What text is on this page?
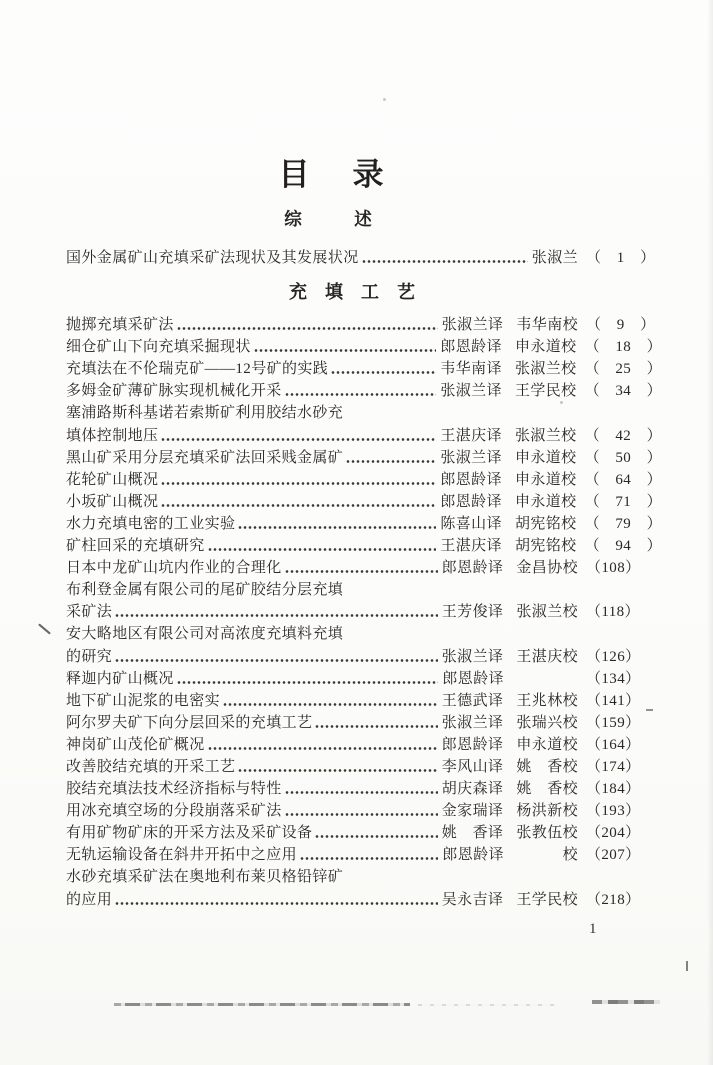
目　录
综　　　述
国外金属矿山充填采矿法现状及其发展状况	张淑兰 （　1　）
充　填　工　艺
抛掷充填采矿法	张淑兰译 韦华南校 （　9　）
细仓矿山下向充填采掘现状	郎恩龄译 申永道校 （　18　）
充填法在不伦瑞克矿——12号矿的实践	韦华南译 张淑兰校 （　25　）
多姆金矿薄矿脉实现机械化开采	张淑兰译 王学民校 （　34　）
塞浦路斯科基诺若索斯矿利用胶结水砂充
填体控制地压	王湛庆译 张淑兰校 （　42　）
黑山矿采用分层充填采矿法回采贱金属矿	张淑兰译 申永道校 （　50　）
花轮矿山概况	郎恩龄译 申永道校 （　64　）
小坂矿山概况	郎恩龄译 申永道校 （　71　）
水力充填电密的工业实验	陈喜山译 胡宪铭校 （　79　）
矿柱回采的充填研究	王湛庆译 胡宪铭校 （　94　）
日本中龙矿山坑内作业的合理化	郎恩龄译 金昌协校 （108）
布利登金属有限公司的尾矿胶结分层充填
采矿法	王芳俊译 张淑兰校 （118）
安大略地区有限公司对高浓度充填料充填
的研究	张淑兰译 王湛庆校 （126）
释迦内矿山概况	郎恩龄译	（134）
地下矿山泥浆的电密实	王德武译 王兆林校 （141）
阿尔罗夫矿下向分层回采的充填工艺	张淑兰译 张瑞兴校 （159）
神岗矿山茂伦矿概况	郎恩龄译 申永道校 （164）
改善胶结充填的开采工艺	李风山译 姚　香校 （174）
胶结充填法技术经济指标与特性	胡庆森译 姚　香校 （184）
用冰充填空场的分段崩落采矿法	金家瑞译 杨洪新校 （193）
有用矿物矿床的开采方法及采矿设备	姚　香译 张教伍校 （204）
无轨运输设备在斜井开拓中之应用	郎恩龄译	校 （207）
水砂充填采矿法在奥地利布莱贝格铅锌矿
的应用	吴永吉译 王学民校 （218）
1
